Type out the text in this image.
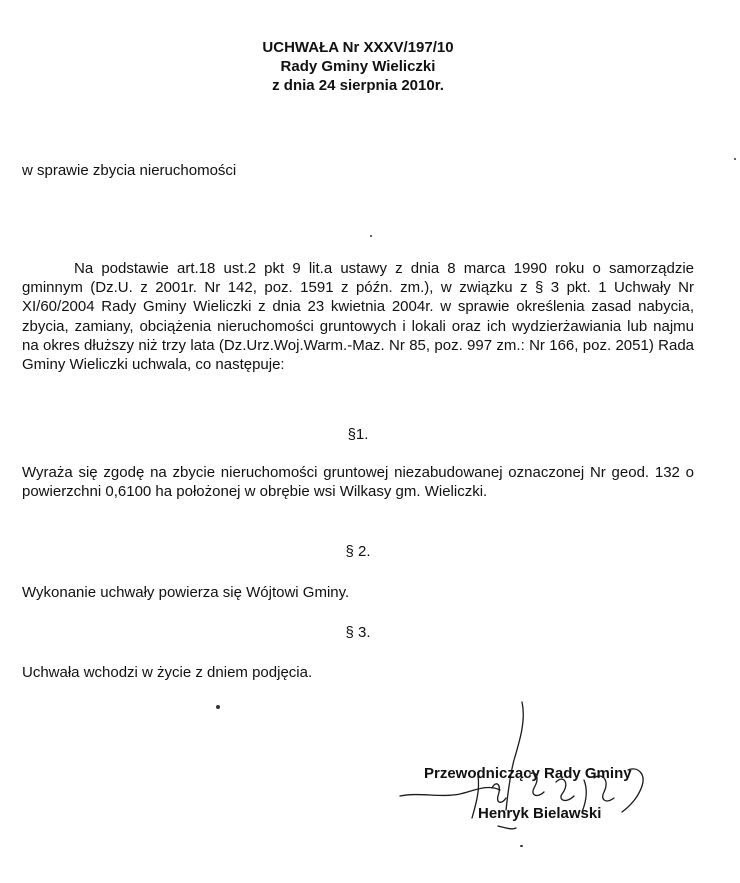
UCHWAŁA Nr XXXV/197/10
Rady Gminy Wieliczki
z dnia 24 sierpnia 2010r.
w sprawie zbycia nieruchomości
Na podstawie art.18 ust.2 pkt 9 lit.a ustawy z dnia 8 marca 1990 roku o samorządzie gminnym (Dz.U. z 2001r. Nr 142, poz. 1591 z późn. zm.), w związku z § 3 pkt. 1 Uchwały Nr XI/60/2004 Rady Gminy Wieliczki z dnia 23 kwietnia 2004r. w sprawie określenia zasad nabycia, zbycia, zamiany, obciążenia nieruchomości gruntowych i lokali oraz ich wydzierżawiania lub najmu na okres dłuższy niż trzy lata (Dz.Urz.Woj.Warm.-Maz. Nr 85, poz. 997 zm.: Nr 166, poz. 2051) Rada Gminy Wieliczki uchwala, co następuje:
§1.
Wyraża się zgodę na zbycie nieruchomości gruntowej niezabudowanej oznaczonej Nr geod. 132 o powierzchni 0,6100 ha położonej w obrębie wsi Wilkasy gm. Wieliczki.
§ 2.
Wykonanie uchwały powierza się Wójtowi Gminy.
§ 3.
Uchwała wchodzi w życie z dniem podjęcia.
Przewodniczący Rady Gminy
Henryk Bielawski
